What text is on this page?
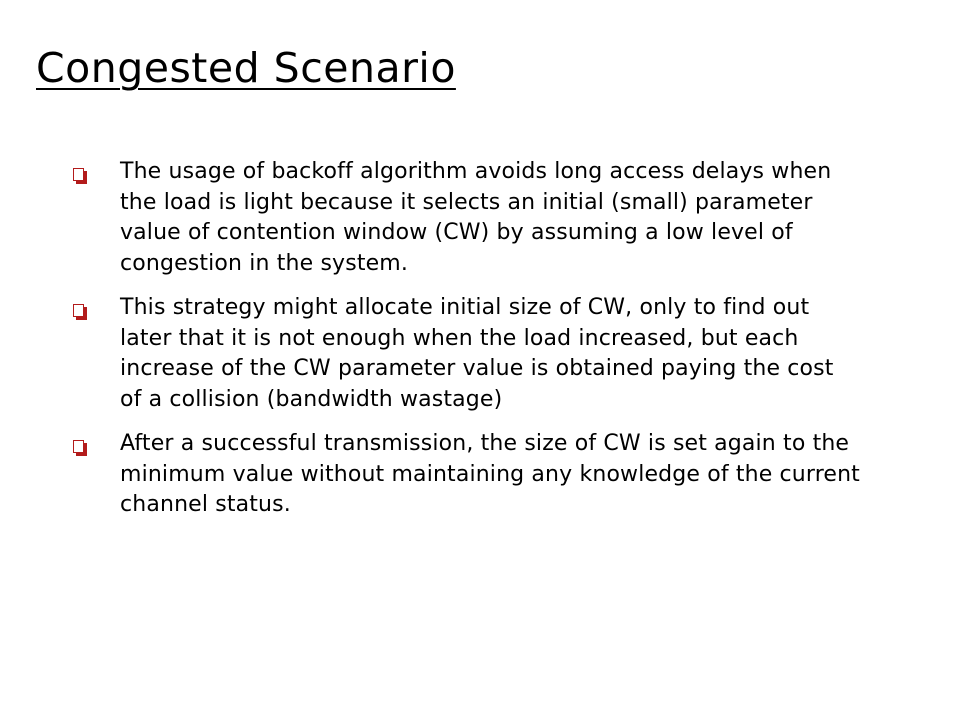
Congested Scenario
The usage of backoff algorithm avoids long access delays when the load is light because it selects an initial (small) parameter value of contention window (CW) by assuming a low level of congestion in the system.
This strategy might allocate initial size of CW, only to find out later that it is not enough when the load increased, but each increase of the CW parameter value is obtained paying the cost of a collision (bandwidth wastage)
After a successful transmission, the size of CW is set again to the minimum value without maintaining any knowledge of the current channel status.
